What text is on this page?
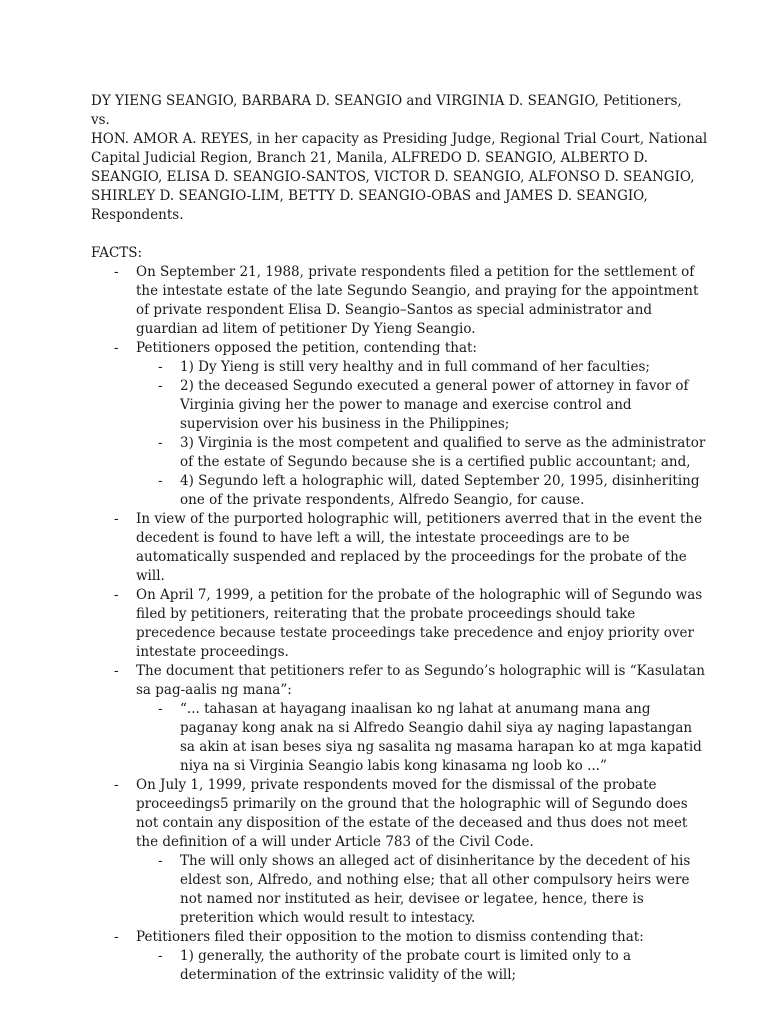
DY YIENG SEANGIO, BARBARA D. SEANGIO and VIRGINIA D. SEANGIO, Petitioners,

vs.

HON. AMOR A. REYES, in her capacity as Presiding Judge, Regional Trial Court, National Capital Judicial Region, Branch 21, Manila, ALFREDO D. SEANGIO, ALBERTO D. SEANGIO, ELISA D. SEANGIO-SANTOS, VICTOR D. SEANGIO, ALFONSO D. SEANGIO, SHIRLEY D. SEANGIO-LIM, BETTY D. SEANGIO-OBAS and JAMES D. SEANGIO, Respondents.

FACTS:

- On September 21, 1988, private respondents filed a petition for the settlement of the intestate estate of the late Segundo Seangio, and praying for the appointment of private respondent Elisa D. Seangio–Santos as special administrator and guardian ad litem of petitioner Dy Yieng Seangio.
- Petitioners opposed the petition, contending that:
- 1) Dy Yieng is still very healthy and in full command of her faculties;
- 2) the deceased Segundo executed a general power of attorney in favor of Virginia giving her the power to manage and exercise control and supervision over his business in the Philippines;
- 3) Virginia is the most competent and qualified to serve as the administrator of the estate of Segundo because she is a certified public accountant; and,
- 4) Segundo left a holographic will, dated September 20, 1995, disinheriting one of the private respondents, Alfredo Seangio, for cause.
- In view of the purported holographic will, petitioners averred that in the event the decedent is found to have left a will, the intestate proceedings are to be automatically suspended and replaced by the proceedings for the probate of the will.
- On April 7, 1999, a petition for the probate of the holographic will of Segundo was filed by petitioners, reiterating that the probate proceedings should take precedence because testate proceedings take precedence and enjoy priority over intestate proceedings.
- The document that petitioners refer to as Segundo’s holographic will is “Kasulatan sa pag-aalis ng mana”:
- “... tahasan at hayagang inaalisan ko ng lahat at anumang mana ang paganay kong anak na si Alfredo Seangio dahil siya ay naging lapastangan sa akin at isan beses siya ng sasalita ng masama harapan ko at mga kapatid niya na si Virginia Seangio labis kong kinasama ng loob ko ...”
- On July 1, 1999, private respondents moved for the dismissal of the probate proceedings5 primarily on the ground that the holographic will of Segundo does not contain any disposition of the estate of the deceased and thus does not meet the definition of a will under Article 783 of the Civil Code.
- The will only shows an alleged act of disinheritance by the decedent of his eldest son, Alfredo, and nothing else; that all other compulsory heirs were not named nor instituted as heir, devisee or legatee, hence, there is preterition which would result to intestacy.
- Petitioners filed their opposition to the motion to dismiss contending that:
- 1) generally, the authority of the probate court is limited only to a determination of the extrinsic validity of the will;
